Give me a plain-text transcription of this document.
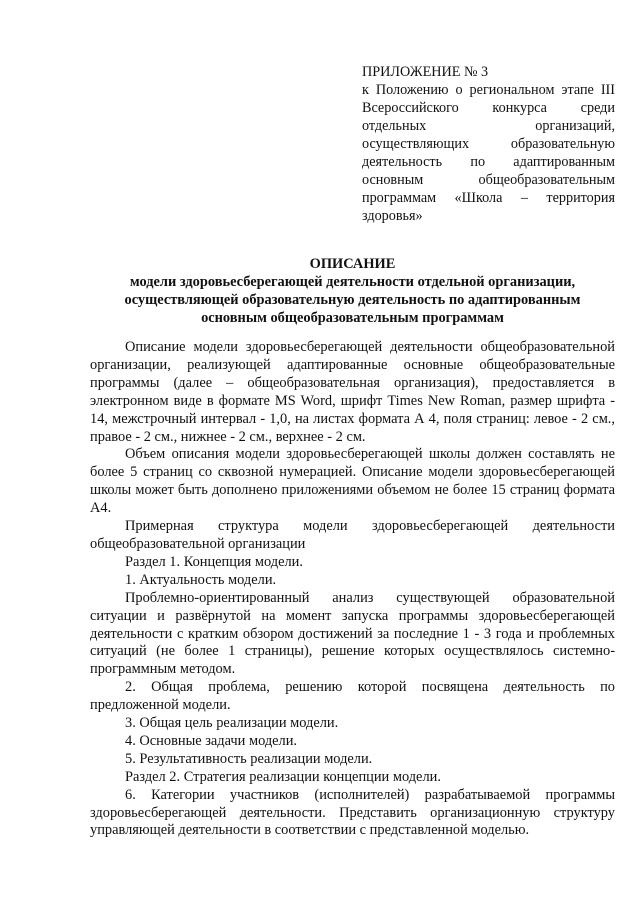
ПРИЛОЖЕНИЕ № 3
к Положению о региональном этапе III Всероссийского конкурса среди отдельных организаций, осуществляющих образовательную деятельность по адаптированным основным общеобразовательным программам «Школа – территория здоровья»
ОПИСАНИЕ
модели здоровьесберегающей деятельности отдельной организации, осуществляющей образовательную деятельность по адаптированным основным общеобразовательным программам

Описание модели здоровьесберегающей деятельности общеобразовательной организации, реализующей адаптированные основные общеобразовательные программы (далее – общеобразовательная организация), предоставляется в электронном виде в формате MS Word, шрифт Times New Roman, размер шрифта - 14, межстрочный интервал - 1,0, на листах формата А 4, поля страниц: левое - 2 см., правое - 2 см., нижнее - 2 см., верхнее - 2 см.

Объем описания модели здоровьесберегающей школы должен составлять не более 5 страниц со сквозной нумерацией. Описание модели здоровьесберегающей школы может быть дополнено приложениями объемом не более 15 страниц формата А4.

Примерная структура модели здоровьесберегающей деятельности общеобразовательной организации

Раздел 1. Концепция модели.

1. Актуальность модели.

Проблемно-ориентированный анализ существующей образовательной ситуации и развёрнутой на момент запуска программы здоровьесберегающей деятельности с кратким обзором достижений за последние 1 - 3 года и проблемных ситуаций (не более 1 страницы), решение которых осуществлялось системно-программным методом.

2. Общая проблема, решению которой посвящена деятельность по предложенной модели.

3. Общая цель реализации модели.

4. Основные задачи модели.

5. Результативность реализации модели.

Раздел 2. Стратегия реализации концепции модели.

6. Категории участников (исполнителей) разрабатываемой программы здоровьесберегающей деятельности. Представить организационную структуру управляющей деятельности в соответствии с представленной моделью.
